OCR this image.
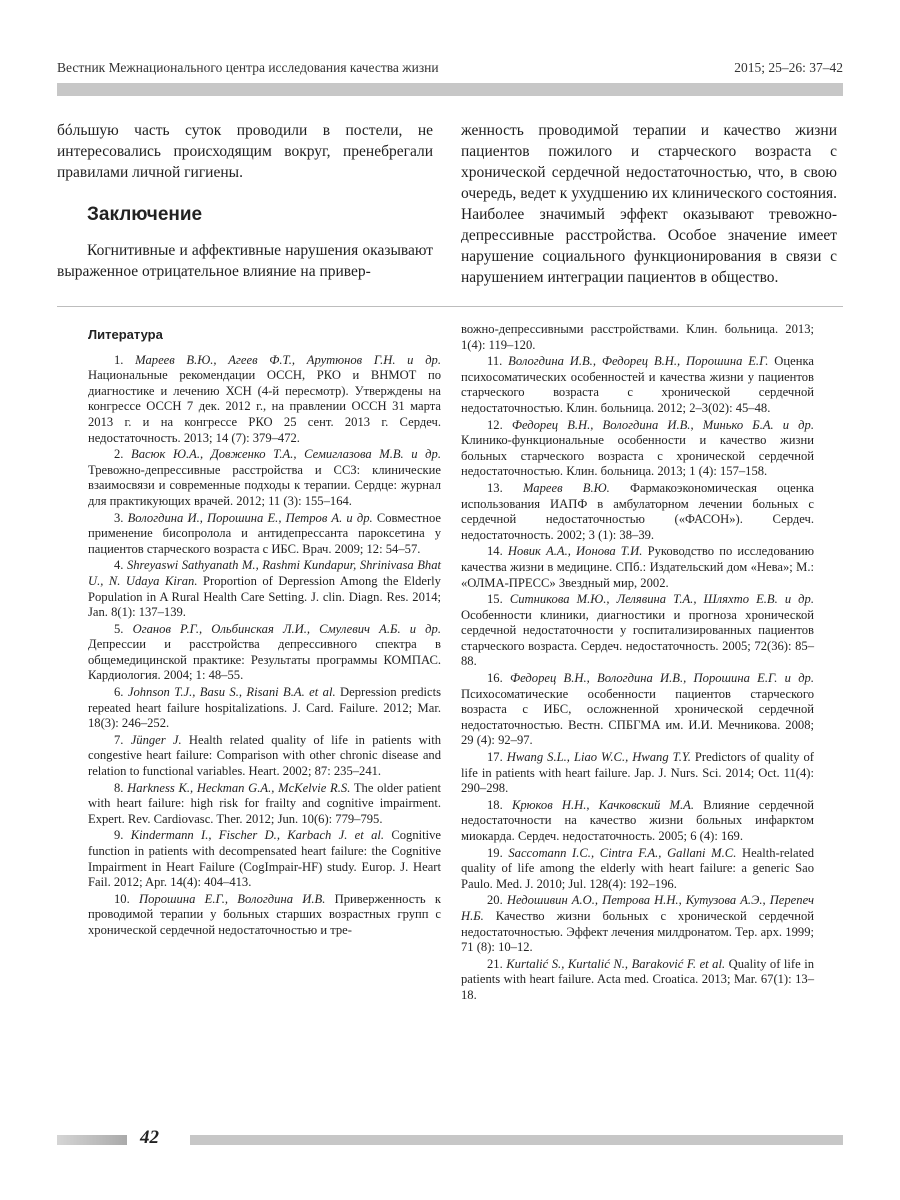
Вестник Межнационального центра исследования качества жизни	2015; 25–26: 37–42

бóльшую часть суток проводили в постели, не интересовались происходящим вокруг, пренебрегали правилами личной гигиены.

Заключение

Когнитивные и аффективные нарушения оказывают выраженное отрицательное влияние на привер-

женность проводимой терапии и качество жизни пациентов пожилого и старческого возраста с хронической сердечной недостаточностью, что, в свою очередь, ведет к ухудшению их клинического состояния. Наиболее значимый эффект оказывают тревожно-депрессивные расстройства. Особое значение имеет нарушение социального функционирования в связи с нарушением интеграции пациентов в общество.

Литература
1. Мареев В.Ю., Агеев Ф.Т., Арутюнов Г.Н. и др. Национальные рекомендации ОССН, РКО и ВНМОТ по диагностике и лечению ХСН (4-й пересмотр). Утверждены на конгрессе ОССН 7 дек. 2012 г., на правлении ОССН 31 марта 2013 г. и на конгрессе РКО 25 сент. 2013 г. Сердеч. недостаточность. 2013; 14 (7): 379–472.
2. Васюк Ю.А., Довженко Т.А., Семиглазова М.В. и др. Тревожно-депрессивные расстройства и ССЗ: клинические взаимосвязи и современные подходы к терапии. Сердце: журнал для практикующих врачей. 2012; 11 (3): 155–164.
3. Вологдина И., Порошина Е., Петров А. и др. Совместное применение бисопролола и антидепрессанта пароксетина у пациентов старческого возраста с ИБС. Врач. 2009; 12: 54–57.
4. Shreyaswi Sathyanath M., Rashmi Kundapur, Shrinivasa Bhat U., N. Udaya Kiran. Proportion of Depression Among the Elderly Population in A Rural Health Care Setting. J. clin. Diagn. Res. 2014; Jan. 8(1): 137–139.
5. Оганов Р.Г., Ольбинская Л.И., Смулевич А.Б. и др. Депрессии и расстройства депрессивного спектра в общемедицинской практике: Результаты программы КОМПАС. Кардиология. 2004; 1: 48–55.
6. Johnson T.J., Basu S., Risani B.A. et al. Depression predicts repeated heart failure hospitalizations. J. Card. Failure. 2012; Mar. 18(3): 246–252.
7. Jünger J. Health related quality of life in patients with congestive heart failure: Comparison with other chronic disease and relation to functional variables. Heart. 2002; 87: 235–241.
8. Harkness K., Heckman G.A., McKelvie R.S. The older patient with heart failure: high risk for frailty and cognitive impairment. Expert. Rev. Cardiovasc. Ther. 2012; Jun. 10(6): 779–795.
9. Kindermann I., Fischer D., Karbach J. et al. Cognitive function in patients with decompensated heart failure: the Cognitive Impairment in Heart Failure (CogImpair-HF) study. Europ. J. Heart Fail. 2012; Apr. 14(4): 404–413.
10. Порошина Е.Г., Вологдина И.В. Приверженность к проводимой терапии у больных старших возрастных групп с хронической сердечной недостаточностью и тре-
вожно-депрессивными расстройствами. Клин. больница. 2013; 1(4): 119–120.
11. Вологдина И.В., Федорец В.Н., Порошина Е.Г. Оценка психосоматических особенностей и качества жизни у пациентов старческого возраста с хронической сердечной недостаточностью. Клин. больница. 2012; 2–3(02): 45–48.
12. Федорец В.Н., Вологдина И.В., Минько Б.А. и др. Клинико-функциональные особенности и качество жизни больных старческого возраста с хронической сердечной недостаточностью. Клин. больница. 2013; 1 (4): 157–158.
13. Мареев В.Ю. Фармакоэкономическая оценка использования ИАПФ в амбулаторном лечении больных с сердечной недостаточностью («ФАСОН»). Сердеч. недостаточность. 2002; 3 (1): 38–39.
14. Новик А.А., Ионова Т.И. Руководство по исследованию качества жизни в медицине. СПб.: Издательский дом «Нева»; М.: «ОЛМА-ПРЕСС» Звездный мир, 2002.
15. Ситникова М.Ю., Лелявина Т.А., Шляхто Е.В. и др. Особенности клиники, диагностики и прогноза хронической сердечной недостаточности у госпитализированных пациентов старческого возраста. Сердеч. недостаточность. 2005; 72(36): 85–88.
16. Федорец В.Н., Вологдина И.В., Порошина Е.Г. и др. Психосоматические особенности пациентов старческого возраста с ИБС, осложненной хронической сердечной недостаточностью. Вестн. СПБГМА им. И.И. Мечникова. 2008; 29 (4): 92–97.
17. Hwang S.L., Liao W.C., Hwang T.Y. Predictors of quality of life in patients with heart failure. Jap. J. Nurs. Sci. 2014; Oct. 11(4): 290–298.
18. Крюков Н.Н., Качковский М.А. Влияние сердечной недостаточности на качество жизни больных инфарктом миокарда. Сердеч. недостаточность. 2005; 6 (4): 169.
19. Saccomann I.C., Cintra F.A., Gallani M.C. Health-related quality of life among the elderly with heart failure: a generic Sao Paulo. Med. J. 2010; Jul. 128(4): 192–196.
20. Недошивин А.О., Петрова Н.Н., Кутузова А.Э., Перепеч Н.Б. Качество жизни больных с хронической сердечной недостаточностью. Эффект лечения милдронатом. Тер. арх. 1999; 71 (8): 10–12.
21. Kurtalić S., Kurtalić N., Baraković F. et al. Quality of life in patients with heart failure. Acta med. Croatica. 2013; Mar. 67(1): 13–18.
42
